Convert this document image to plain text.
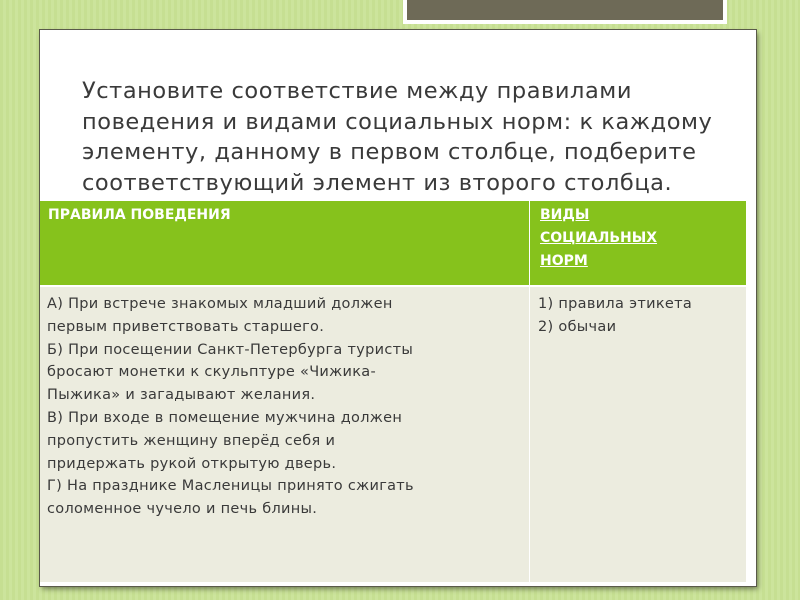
Установите соответствие между правилами
поведения и видами социальных норм: к каждому
элементу, данному в первом столбце, подберите
соответствующий элемент из второго столбца.
ПРАВИЛА ПОВЕДЕНИЯ	ВИДЫ
СОЦИАЛЬНЫХ
НОРМ
А) При встрече знакомых младший должен
первым приветствовать старшего.
Б) При посещении Санкт-Петербурга туристы
бросают монетки к скульптуре «Чижика-
Пыжика» и загадывают желания.
В) При входе в помещение мужчина должен
пропустить женщину вперёд себя и
придержать рукой открытую дверь.
Г) На празднике Масленицы принято сжигать
соломенное чучело и печь блины.
1) правила этикета
2) обычаи
